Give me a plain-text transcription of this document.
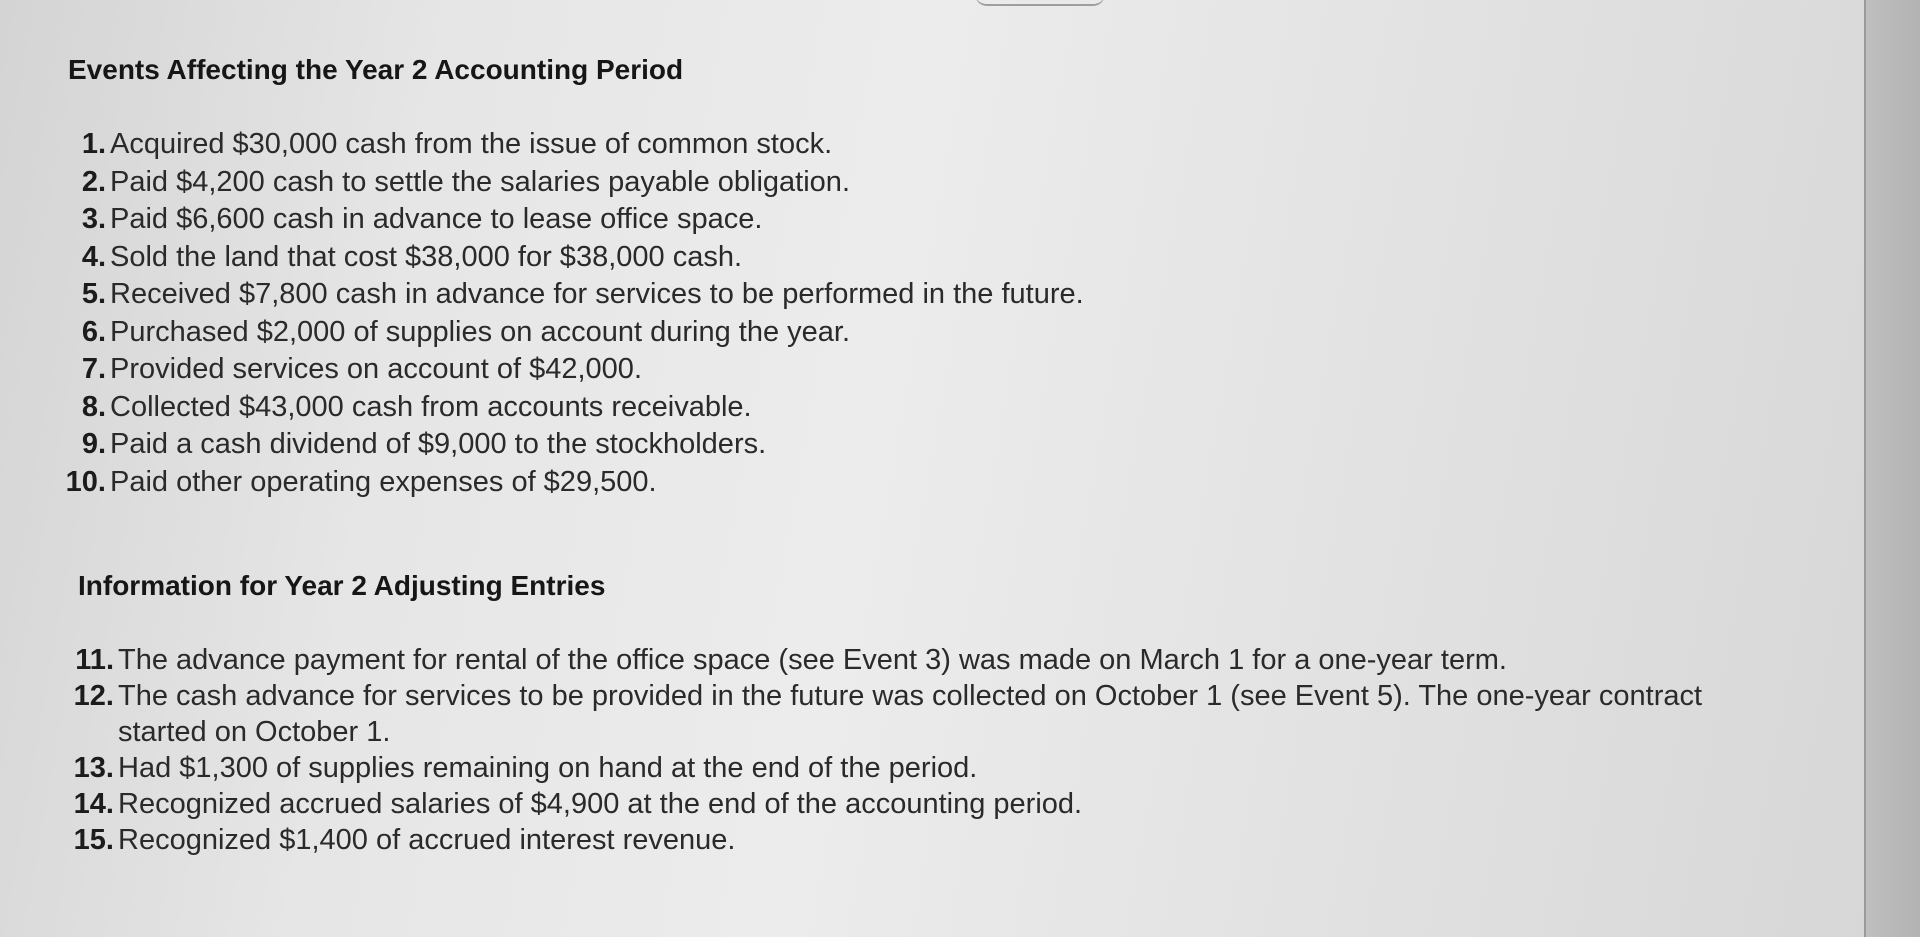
Events Affecting the Year 2 Accounting Period
1. Acquired $30,000 cash from the issue of common stock.
2. Paid $4,200 cash to settle the salaries payable obligation.
3. Paid $6,600 cash in advance to lease office space.
4. Sold the land that cost $38,000 for $38,000 cash.
5. Received $7,800 cash in advance for services to be performed in the future.
6. Purchased $2,000 of supplies on account during the year.
7. Provided services on account of $42,000.
8. Collected $43,000 cash from accounts receivable.
9. Paid a cash dividend of $9,000 to the stockholders.
10. Paid other operating expenses of $29,500.
Information for Year 2 Adjusting Entries
11. The advance payment for rental of the office space (see Event 3) was made on March 1 for a one-year term.
12. The cash advance for services to be provided in the future was collected on October 1 (see Event 5). The one-year contract started on October 1.
13. Had $1,300 of supplies remaining on hand at the end of the period.
14. Recognized accrued salaries of $4,900 at the end of the accounting period.
15. Recognized $1,400 of accrued interest revenue.
